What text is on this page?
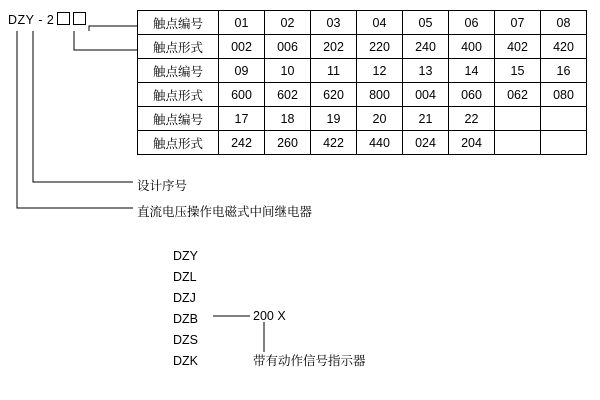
DZY - 2	触点编号	01	02	03	04	05	06	07	08
触点形式	002	006	202	220	240	400	402	420
触点编号	09	10	11	12	13	14	15	16
触点形式	600	602	620	800	004	060	062	080
触点编号	17	18	19	20	21	22		
触点形式	242	260	422	440	024	204		
设计序号
直流电压操作电磁式中间继电器
DZY
DZL
DZJ
DZB
DZS
DZK
200 X
带有动作信号指示器
